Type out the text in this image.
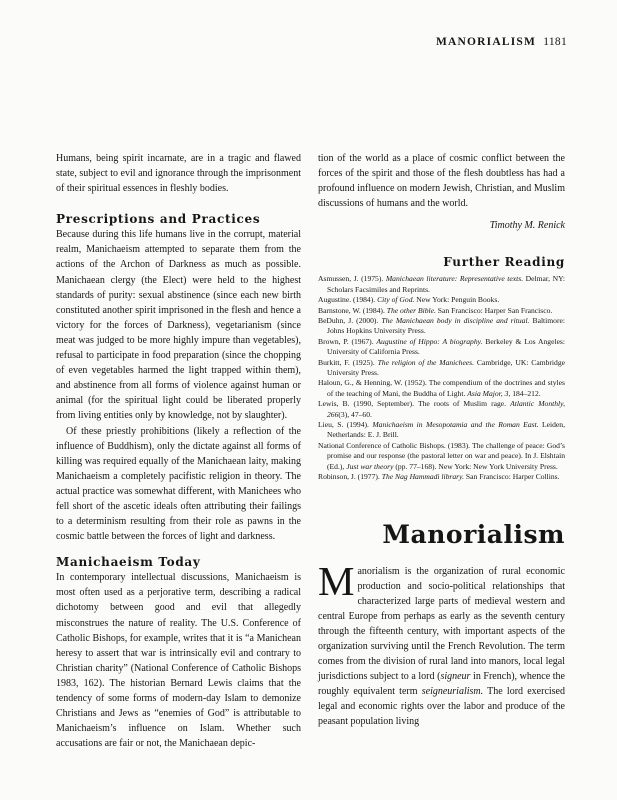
MANORIALISM 1181

Humans, being spirit incarnate, are in a tragic and flawed state, subject to evil and ignorance through the imprisonment of their spiritual essences in fleshly bodies.

Prescriptions and Practices

Because during this life humans live in the corrupt, material realm, Manichaeism attempted to separate them from the actions of the Archon of Darkness as much as possible. Manichaean clergy (the Elect) were held to the highest standards of purity: sexual abstinence (since each new birth constituted another spirit imprisoned in the flesh and hence a victory for the forces of Darkness), vegetarianism (since meat was judged to be more highly impure than vegetables), refusal to participate in food preparation (since the chopping of even vegetables harmed the light trapped within them), and abstinence from all forms of violence against human or animal (for the spiritual light could be liberated properly from living entities only by knowledge, not by slaughter).

Of these priestly prohibitions (likely a reflection of the influence of Buddhism), only the dictate against all forms of killing was required equally of the Manichaean laity, making Manichaeism a completely pacifistic religion in theory. The actual practice was somewhat different, with Manichees who fell short of the ascetic ideals often attributing their failings to a determinism resulting from their role as pawns in the cosmic battle between the forces of light and darkness.

Manichaeism Today

In contemporary intellectual discussions, Manichaeism is most often used as a perjorative term, describing a radical dichotomy between good and evil that allegedly misconstrues the nature of reality. The U.S. Conference of Catholic Bishops, for example, writes that it is “a Manichean heresy to assert that war is intrinsically evil and contrary to Christian charity” (National Conference of Catholic Bishops 1983, 162). The historian Bernard Lewis claims that the tendency of some forms of modern-day Islam to demonize Christians and Jews as “enemies of God” is attributable to Manichaeism’s influence on Islam. Whether such accusations are fair or not, the Manichaean depic-

tion of the world as a place of cosmic conflict between the forces of the spirit and those of the flesh doubtless has had a profound influence on modern Jewish, Christian, and Muslim discussions of humans and the world.

Timothy M. Renick
Further Reading
Asmussen, J. (1975). Manichaean literature: Representative texts. Delmar, NY: Scholars Facsimiles and Reprints.
Augustine. (1984). City of God. New York: Penguin Books.
Barnstone, W. (1984). The other Bible. San Francisco: Harper San Francisco.
BeDuhn, J. (2000). The Manichaean body in discipline and ritual. Baltimore: Johns Hopkins University Press.
Brown, P. (1967). Augustine of Hippo: A biography. Berkeley & Los Angeles: University of California Press.
Burkitt, F. (1925). The religion of the Manichees. Cambridge, UK: Cambridge University Press.
Haloun, G., & Henning, W. (1952). The compendium of the doctrines and styles of the teaching of Mani, the Buddha of Light. Asia Major, 3, 184–212.
Lewis, B. (1990, September). The roots of Muslim rage. Atlantic Monthly, 266(3), 47–60.
Lieu, S. (1994). Manichaeism in Mesopotamia and the Roman East. Leiden, Netherlands: E. J. Brill.
National Conference of Catholic Bishops. (1983). The challenge of peace: God’s promise and our response (the pastoral letter on war and peace). In J. Elshtain (Ed.), Just war theory (pp. 77–168). New York: New York University Press.
Robinson, J. (1977). The Nag Hammadi library. San Francisco: Harper Collins.
Manorialism

Manorialism is the organization of rural economic production and socio-political relationships that characterized large parts of medieval western and central Europe from perhaps as early as the seventh century through the fifteenth century, with important aspects of the organization surviving until the French Revolution. The term comes from the division of rural land into manors, local legal jurisdictions subject to a lord (signeur in French), whence the roughly equivalent term seigneurialism. The lord exercised legal and economic rights over the labor and produce of the peasant population living
